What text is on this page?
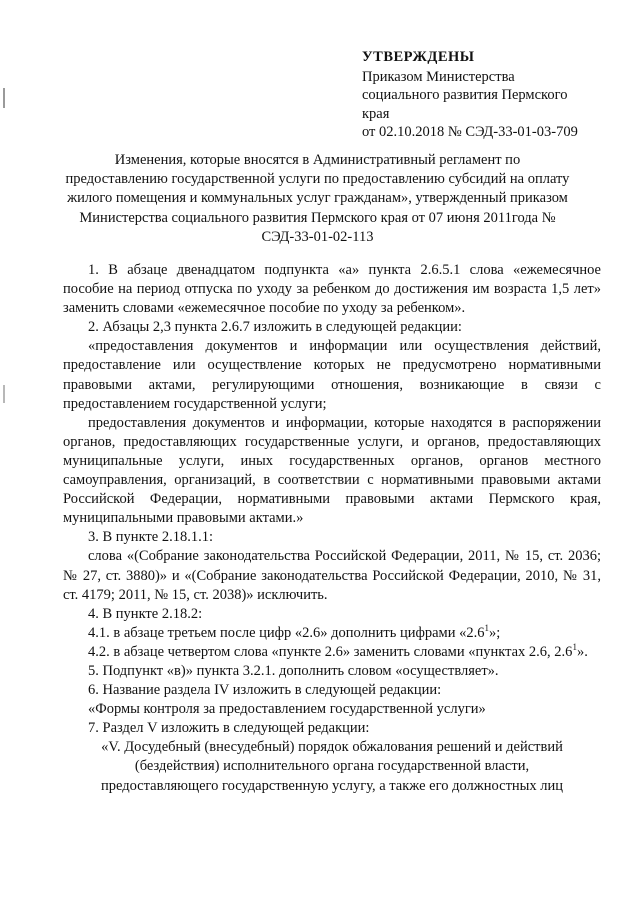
УТВЕРЖДЕНЫ
Приказом Министерства
социального развития Пермского
края
от 02.10.2018 № СЭД-33-01-03-709
Изменения, которые вносятся в Административный регламент по
предоставлению государственной услуги по предоставлению субсидий на оплату
жилого помещения и коммунальных услуг гражданам», утвержденный приказом
Министерства социального развития Пермского края от 07 июня 2011года №
СЭД-33-01-02-113

1. В абзаце двенадцатом подпункта «а» пункта 2.6.5.1 слова «ежемесячное пособие на период отпуска по уходу за ребенком до достижения им возраста 1,5 лет» заменить словами «ежемесячное пособие по уходу за ребенком».

2. Абзацы 2,3 пункта 2.6.7 изложить в следующей редакции:

«предоставления документов и информации или осуществления действий, предоставление или осуществление которых не предусмотрено нормативными правовыми актами, регулирующими отношения, возникающие в связи с предоставлением государственной услуги;

предоставления документов и информации, которые находятся в распоряжении органов, предоставляющих государственные услуги, и органов, предоставляющих муниципальные услуги, иных государственных органов, органов местного самоуправления, организаций, в соответствии с нормативными правовыми актами Российской Федерации, нормативными правовыми актами Пермского края, муниципальными правовыми актами.»

3. В пункте 2.18.1.1:

слова «(Собрание законодательства Российской Федерации, 2011, № 15, ст. 2036; № 27, ст. 3880)» и «(Собрание законодательства Российской Федерации, 2010, № 31, ст. 4179; 2011, № 15, ст. 2038)» исключить.

4. В пункте 2.18.2:

4.1. в абзаце третьем после цифр «2.6» дополнить цифрами «$2.6^1$»;

4.2. в абзаце четвертом слова «пункте 2.6» заменить словами «пунктах 2.6, $2.6^1$».

5. Подпункт «в)» пункта 3.2.1. дополнить словом «осуществляет».

6. Название раздела IV изложить в следующей редакции:

«Формы контроля за предоставлением государственной услуги»

7. Раздел V изложить в следующей редакции:

«V. Досудебный (внесудебный) порядок обжалования решений и действий

(бездействия) исполнительного органа государственной власти,

предоставляющего государственную услугу, а также его должностных лиц
